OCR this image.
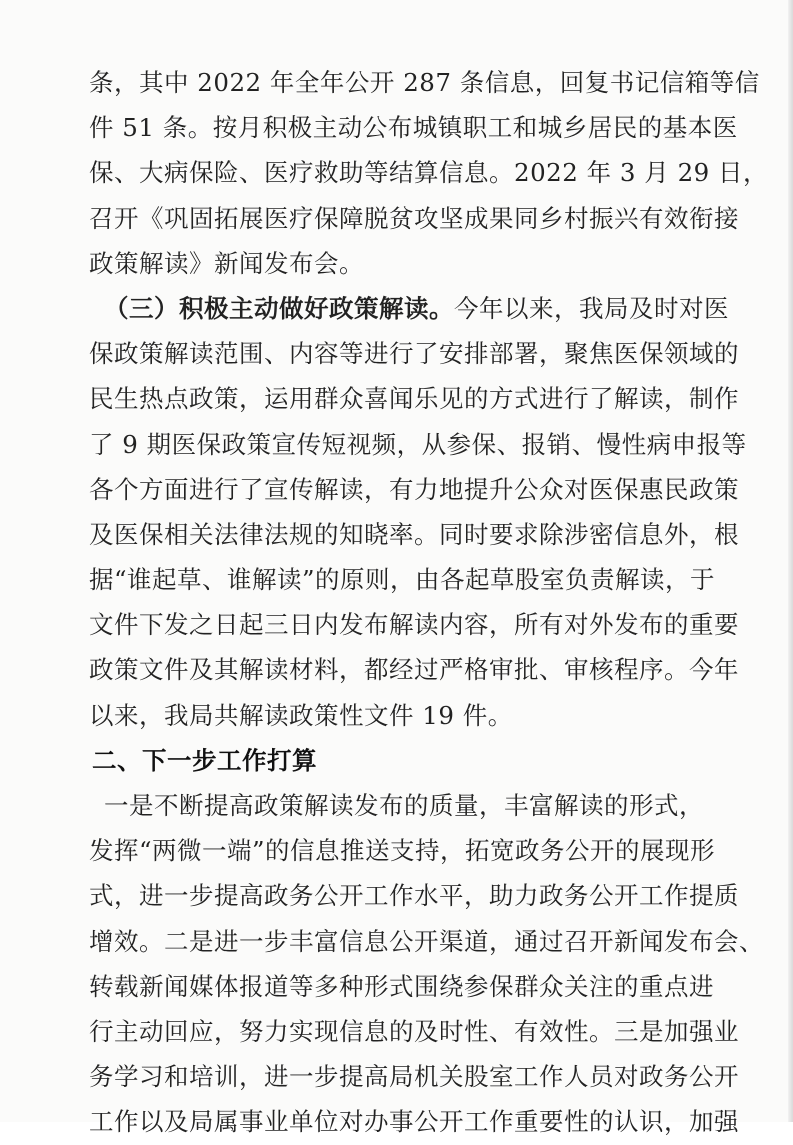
条，其中 2022 年全年公开 287 条信息，回复书记信箱等信

件 51 条。按月积极主动公布城镇职工和城乡居民的基本医

保、大病保险、医疗救助等结算信息。2022 年 3 月 29 日，

召开《巩固拓展医疗保障脱贫攻坚成果同乡村振兴有效衔接

政策解读》新闻发布会。

（三）积极主动做好政策解读。今年以来，我局及时对医

保政策解读范围、内容等进行了安排部署，聚焦医保领域的

民生热点政策，运用群众喜闻乐见的方式进行了解读，制作

了 9 期医保政策宣传短视频，从参保、报销、慢性病申报等

各个方面进行了宣传解读，有力地提升公众对医保惠民政策

及医保相关法律法规的知晓率。同时要求除涉密信息外，根

据“谁起草、谁解读”的原则，由各起草股室负责解读，于

文件下发之日起三日内发布解读内容，所有对外发布的重要

政策文件及其解读材料，都经过严格审批、审核程序。今年

以来，我局共解读政策性文件 19 件。

二、下一步工作打算

一是不断提高政策解读发布的质量，丰富解读的形式，

发挥“两微一端”的信息推送支持，拓宽政务公开的展现形

式，进一步提高政务公开工作水平，助力政务公开工作提质

增效。二是进一步丰富信息公开渠道，通过召开新闻发布会、

转载新闻媒体报道等多种形式围绕参保群众关注的重点进

行主动回应，努力实现信息的及时性、有效性。三是加强业

务学习和培训，进一步提高局机关股室工作人员对政务公开

工作以及局属事业单位对办事公开工作重要性的认识，加强
